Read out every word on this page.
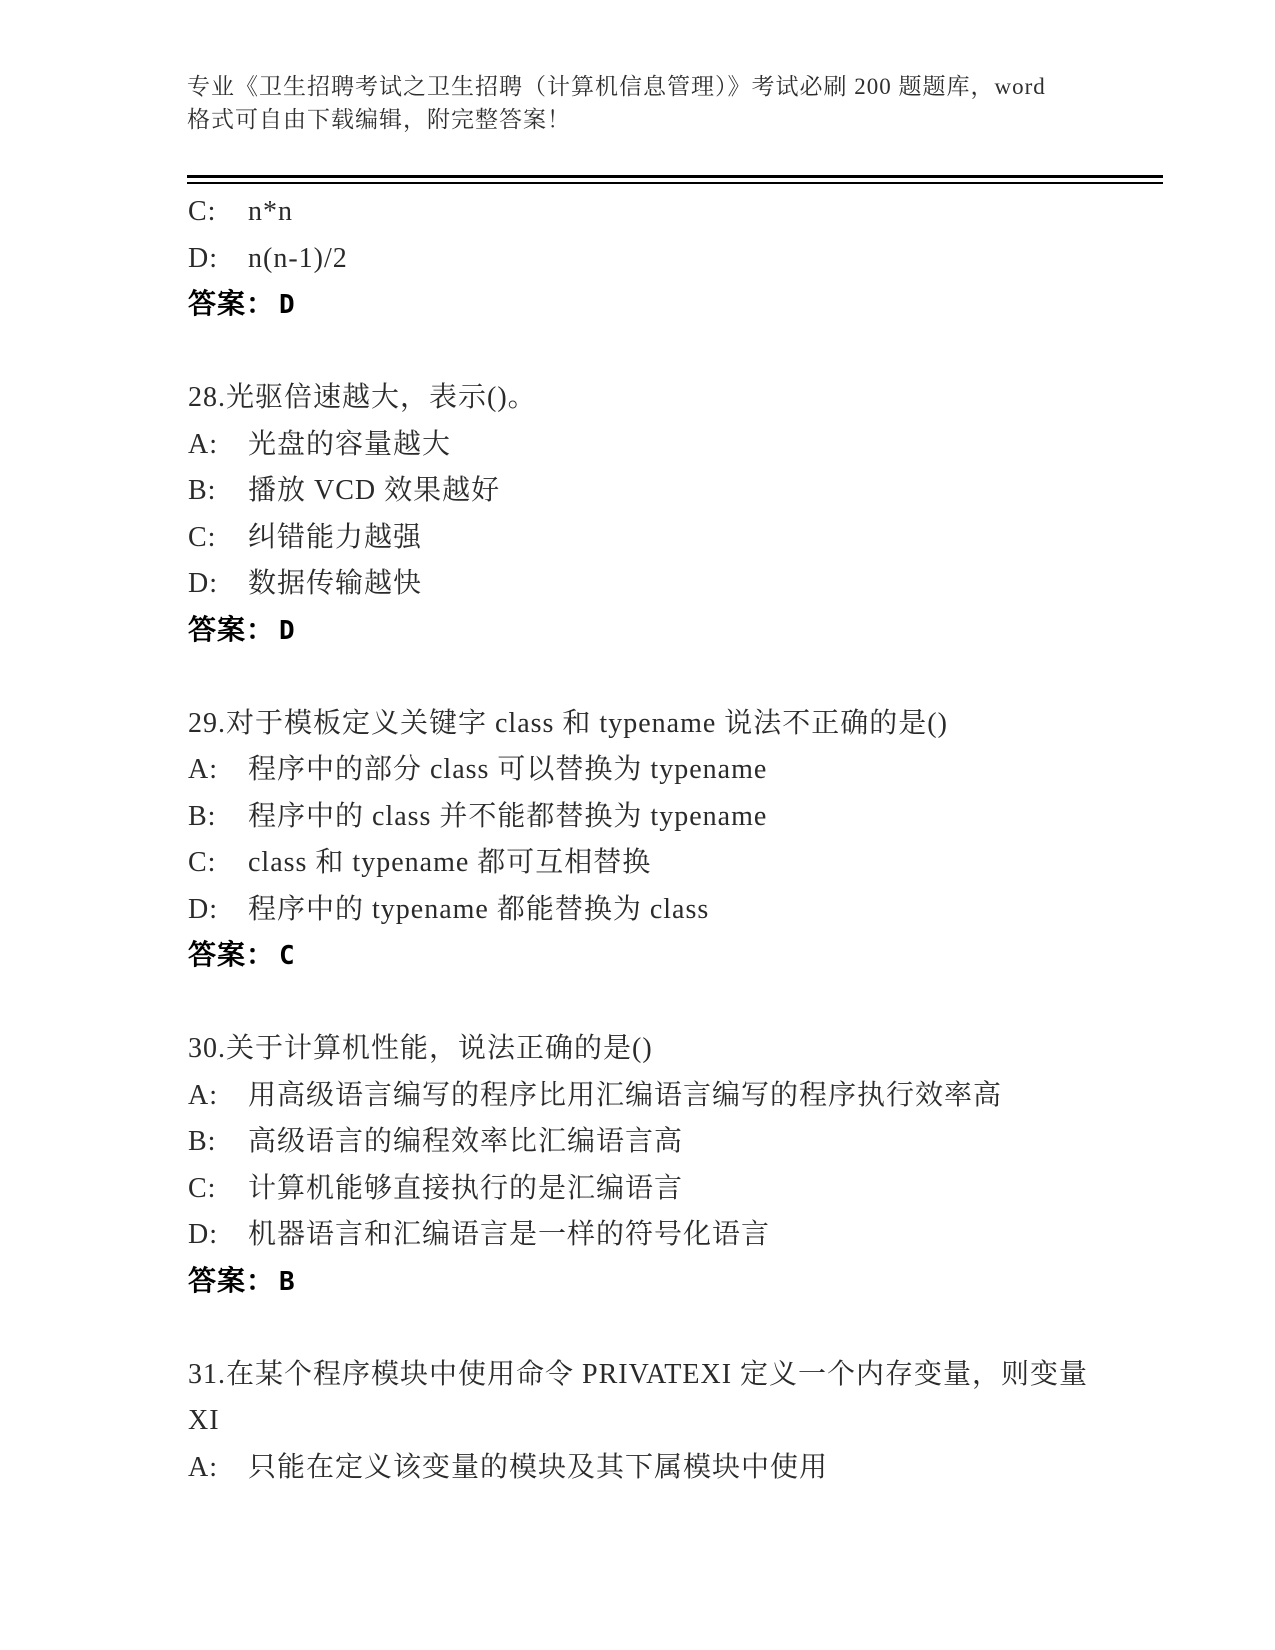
专业《卫生招聘考试之卫生招聘（计算机信息管理）》考试必刷 200 题题库，word
格式可自由下载编辑，附完整答案！
C: n*n
D: n(n-1)/2
答案： D
28.光驱倍速越大，表示()。
A: 光盘的容量越大
B: 播放 VCD 效果越好
C: 纠错能力越强
D: 数据传输越快
答案： D
29.对于模板定义关键字 class 和 typename 说法不正确的是()
A: 程序中的部分 class 可以替换为 typename
B: 程序中的 class 并不能都替换为 typename
C: class 和 typename 都可互相替换
D: 程序中的 typename 都能替换为 class
答案： C
30.关于计算机性能，说法正确的是()
A: 用高级语言编写的程序比用汇编语言编写的程序执行效率高
B: 高级语言的编程效率比汇编语言高
C: 计算机能够直接执行的是汇编语言
D: 机器语言和汇编语言是一样的符号化语言
答案： B
31.在某个程序模块中使用命令 PRIVATEXI 定义一个内存变量，则变量
XI
A: 只能在定义该变量的模块及其下属模块中使用
